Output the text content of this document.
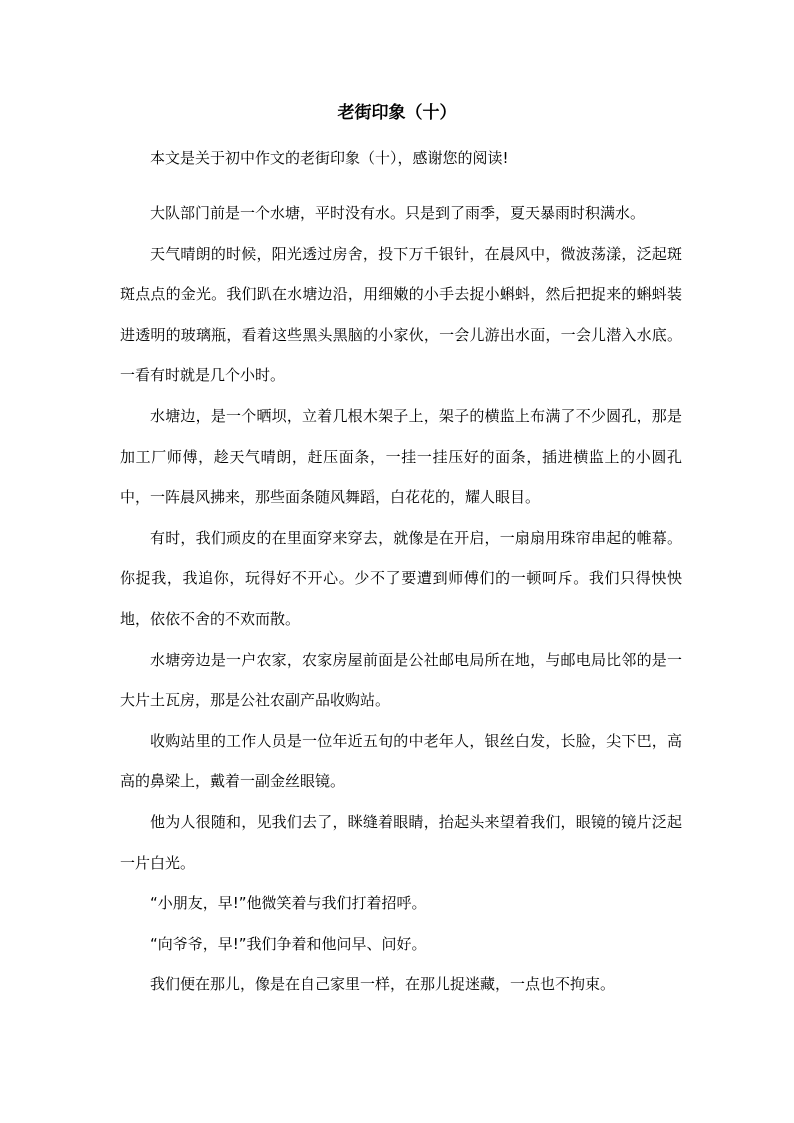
老街印象（十）
本文是关于初中作文的老街印象（十），感谢您的阅读!

大队部门前是一个水塘，平时没有水。只是到了雨季，夏天暴雨时积满水。

天气晴朗的时候，阳光透过房舍，投下万千银针，在晨风中，微波荡漾，泛起斑斑点点的金光。我们趴在水塘边沿，用细嫩的小手去捉小蝌蚪，然后把捉来的蝌蚪装进透明的玻璃瓶，看着这些黑头黑脑的小家伙，一会儿游出水面，一会儿潜入水底。一看有时就是几个小时。

水塘边，是一个晒坝，立着几根木架子上，架子的横监上布满了不少圆孔，那是加工厂师傅，趁天气晴朗，赶压面条，一挂一挂压好的面条，插进横监上的小圆孔中，一阵晨风拂来，那些面条随风舞蹈，白花花的，耀人眼目。

有时，我们顽皮的在里面穿来穿去，就像是在开启，一扇扇用珠帘串起的帷幕。你捉我，我追你，玩得好不开心。少不了要遭到师傅们的一顿呵斥。我们只得怏怏地，依依不舍的不欢而散。

水塘旁边是一户农家，农家房屋前面是公社邮电局所在地，与邮电局比邻的是一大片土瓦房，那是公社农副产品收购站。

收购站里的工作人员是一位年近五旬的中老年人，银丝白发，长脸，尖下巴，高高的鼻梁上，戴着一副金丝眼镜。

他为人很随和，见我们去了，眯缝着眼睛，抬起头来望着我们，眼镜的镜片泛起一片白光。

“小朋友，早!”他微笑着与我们打着招呼。

“向爷爷，早!”我们争着和他问早、问好。

我们便在那儿，像是在自己家里一样，在那儿捉迷藏，一点也不拘束。
